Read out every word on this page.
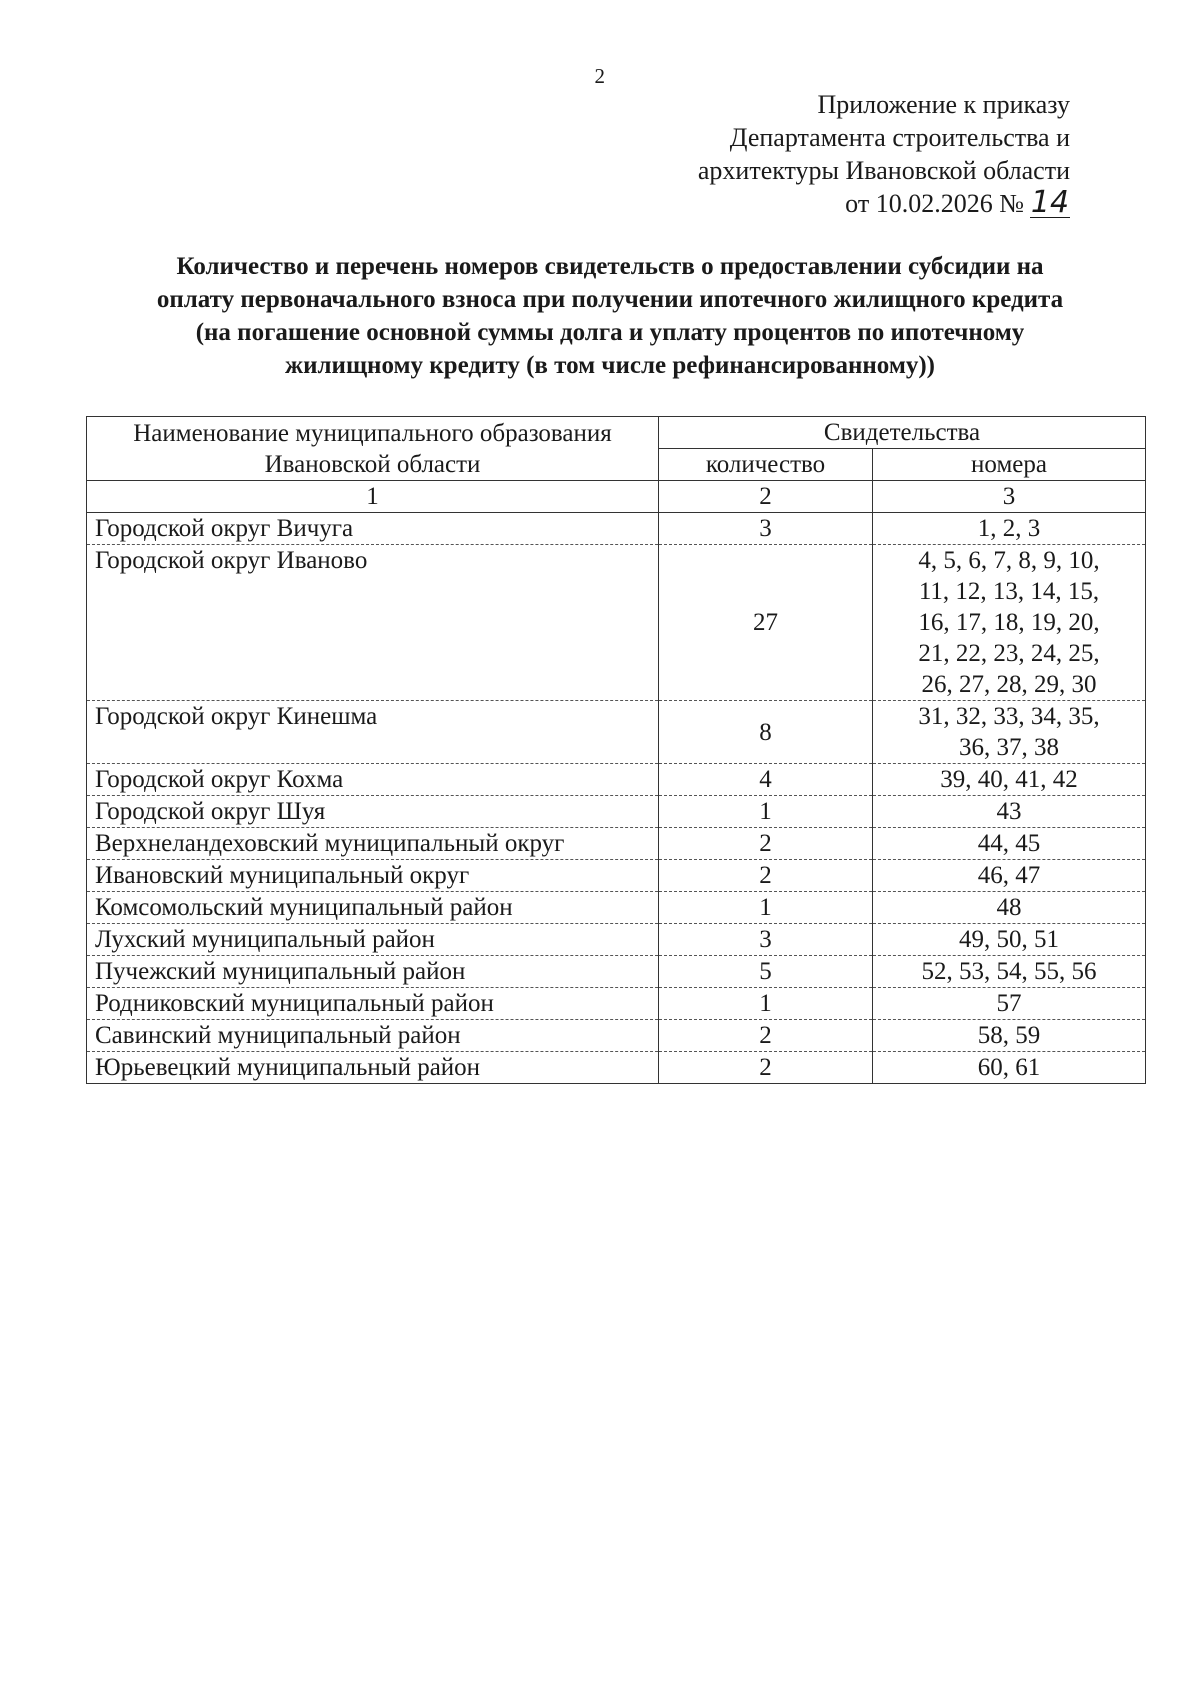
2
Приложение к приказу
Департамента строительства и
архитектуры Ивановской области
от 10.02.2026 № 14
Количество и перечень номеров свидетельств о предоставлении субсидии на
оплату первоначального взноса при получении ипотечного жилищного кредита
(на погашение основной суммы долга и уплату процентов по ипотечному
жилищному кредиту (в том числе рефинансированному))
Наименование муниципального образования
Ивановской области	Свидетельства	
	количество	номера
1	2	3
Городской округ Вичуга	3	1, 2, 3

Городской округ Иваново	27	4, 5, 6, 7, 8, 9, 10,
11, 12, 13, 14, 15,
16, 17, 18, 19, 20,
21, 22, 23, 24, 25,
26, 27, 28, 29, 30

Городской округ Кинешма	8	31, 32, 33, 34, 35,
36, 37, 38

Городской округ Кохма	4	39, 40, 41, 42

Городской округ Шуя	1	43

Верхнеландеховский муниципальный округ	2	44, 45

Ивановский муниципальный округ	2	46, 47

Комсомольский муниципальный район	1	48

Лухский муниципальный район	3	49, 50, 51

Пучежский муниципальный район	5	52, 53, 54, 55, 56

Родниковский муниципальный район	1	57

Савинский муниципальный район	2	58, 59

Юрьевецкий муниципальный район	2	60, 61
